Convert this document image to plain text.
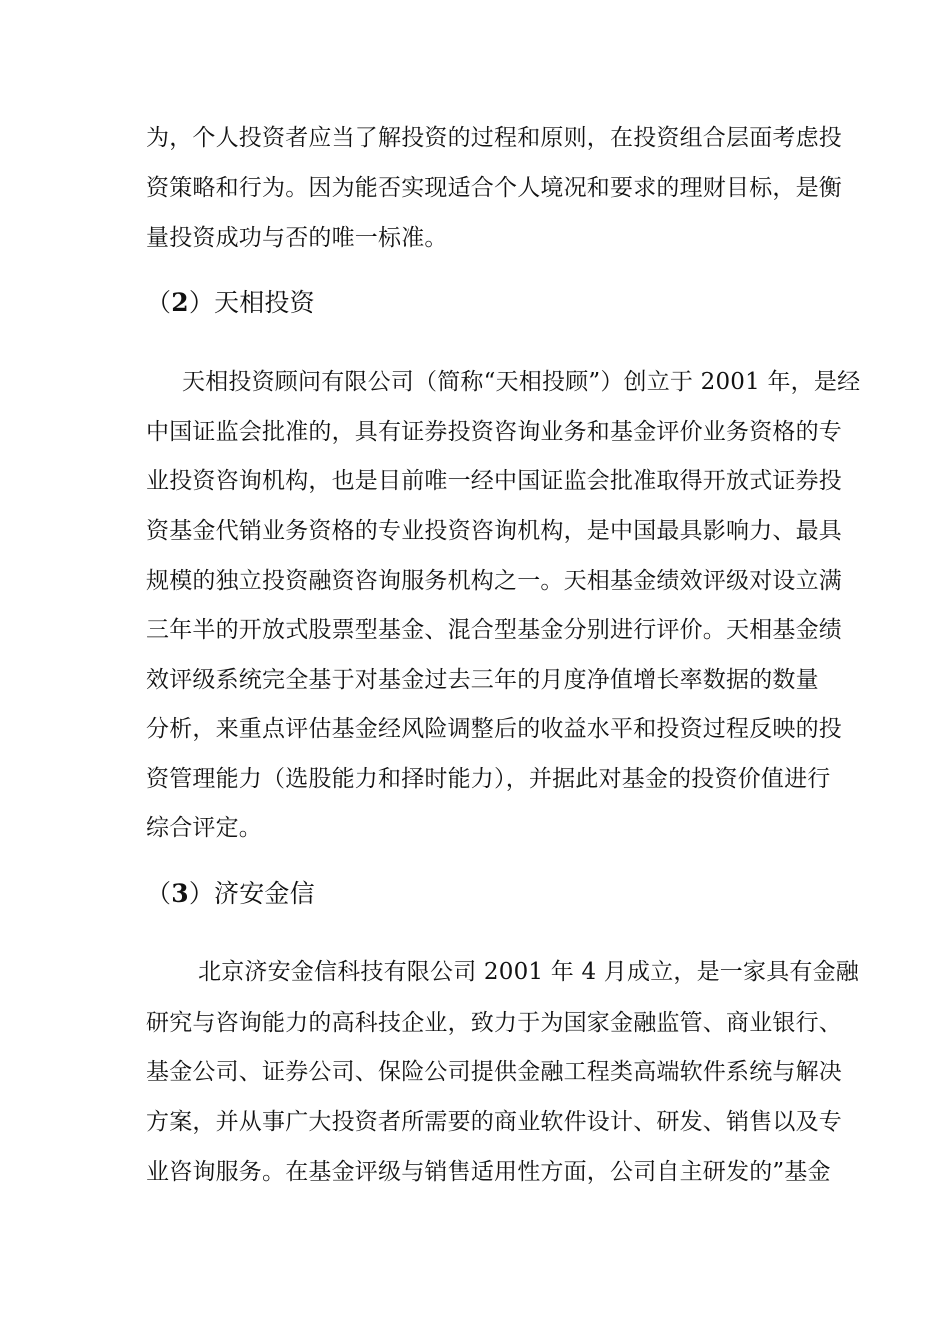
为，个人投资者应当了解投资的过程和原则，在投资组合层面考虑投
资策略和行为。因为能否实现适合个人境况和要求的理财目标，是衡
量投资成功与否的唯一标准。
（2）天相投资
天相投资顾问有限公司（简称“天相投顾”）创立于 2001 年，是经
中国证监会批准的，具有证券投资咨询业务和基金评价业务资格的专
业投资咨询机构，也是目前唯一经中国证监会批准取得开放式证券投
资基金代销业务资格的专业投资咨询机构，是中国最具影响力、最具
规模的独立投资融资咨询服务机构之一。天相基金绩效评级对设立满
三年半的开放式股票型基金、混合型基金分别进行评价。天相基金绩
效评级系统完全基于对基金过去三年的月度净值增长率数据的数量
分析，来重点评估基金经风险调整后的收益水平和投资过程反映的投
资管理能力（选股能力和择时能力），并据此对基金的投资价值进行
综合评定。
（3）济安金信
北京济安金信科技有限公司 2001 年 4 月成立，是一家具有金融
研究与咨询能力的高科技企业，致力于为国家金融监管、商业银行、
基金公司、证券公司、保险公司提供金融工程类高端软件系统与解决
方案，并从事广大投资者所需要的商业软件设计、研发、销售以及专
业咨询服务。在基金评级与销售适用性方面，公司自主研发的”基金
